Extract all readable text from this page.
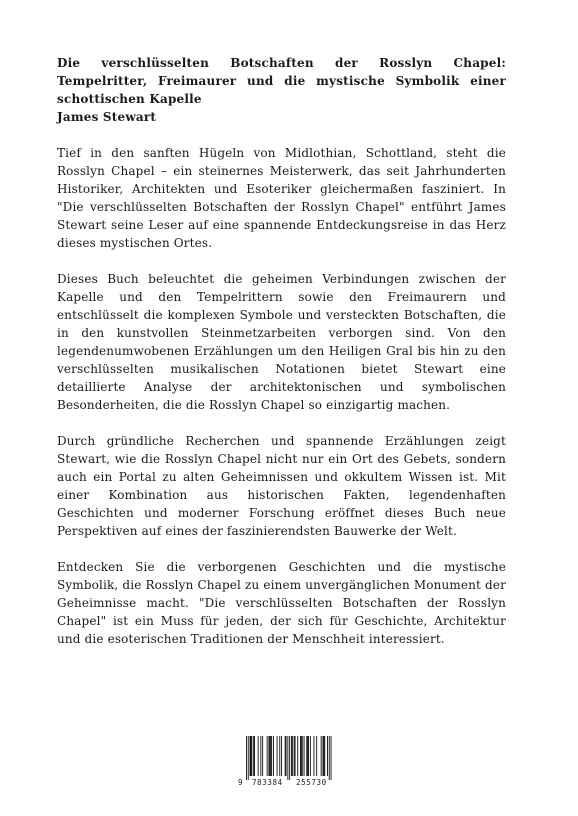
Die verschlüsselten Botschaften der Rosslyn Chapel: Tempelritter, Freimaurer und die mystische Symbolik einer schottischen Kapelle

James Stewart

Tief in den sanften Hügeln von Midlothian, Schottland, steht die Rosslyn Chapel – ein steinernes Meisterwerk, das seit Jahrhunderten Historiker, Architekten und Esoteriker gleichermaßen fasziniert. In "Die verschlüsselten Botschaften der Rosslyn Chapel" entführt James Stewart seine Leser auf eine spannende Entdeckungsreise in das Herz dieses mystischen Ortes.

Dieses Buch beleuchtet die geheimen Verbindungen zwischen der Kapelle und den Tempelrittern sowie den Freimaurern und entschlüsselt die komplexen Symbole und versteckten Botschaften, die in den kunstvollen Steinmetzarbeiten verborgen sind. Von den legendenumwobenen Erzählungen um den Heiligen Gral bis hin zu den verschlüsselten musikalischen Notationen bietet Stewart eine detaillierte Analyse der architektonischen und symbolischen Besonderheiten, die die Rosslyn Chapel so einzigartig machen.

Durch gründliche Recherchen und spannende Erzählungen zeigt Stewart, wie die Rosslyn Chapel nicht nur ein Ort des Gebets, sondern auch ein Portal zu alten Geheimnissen und okkultem Wissen ist. Mit einer Kombination aus historischen Fakten, legendenhaften Geschichten und moderner Forschung eröffnet dieses Buch neue Perspektiven auf eines der faszinierendsten Bauwerke der Welt.

Entdecken Sie die verborgenen Geschichten und die mystische Symbolik, die Rosslyn Chapel zu einem unvergänglichen Monument der Geheimnisse macht. "Die verschlüsselten Botschaften der Rosslyn Chapel" ist ein Muss für jeden, der sich für Geschichte, Architektur und die esoterischen Traditionen der Menschheit interessiert.

9 783384 255730
